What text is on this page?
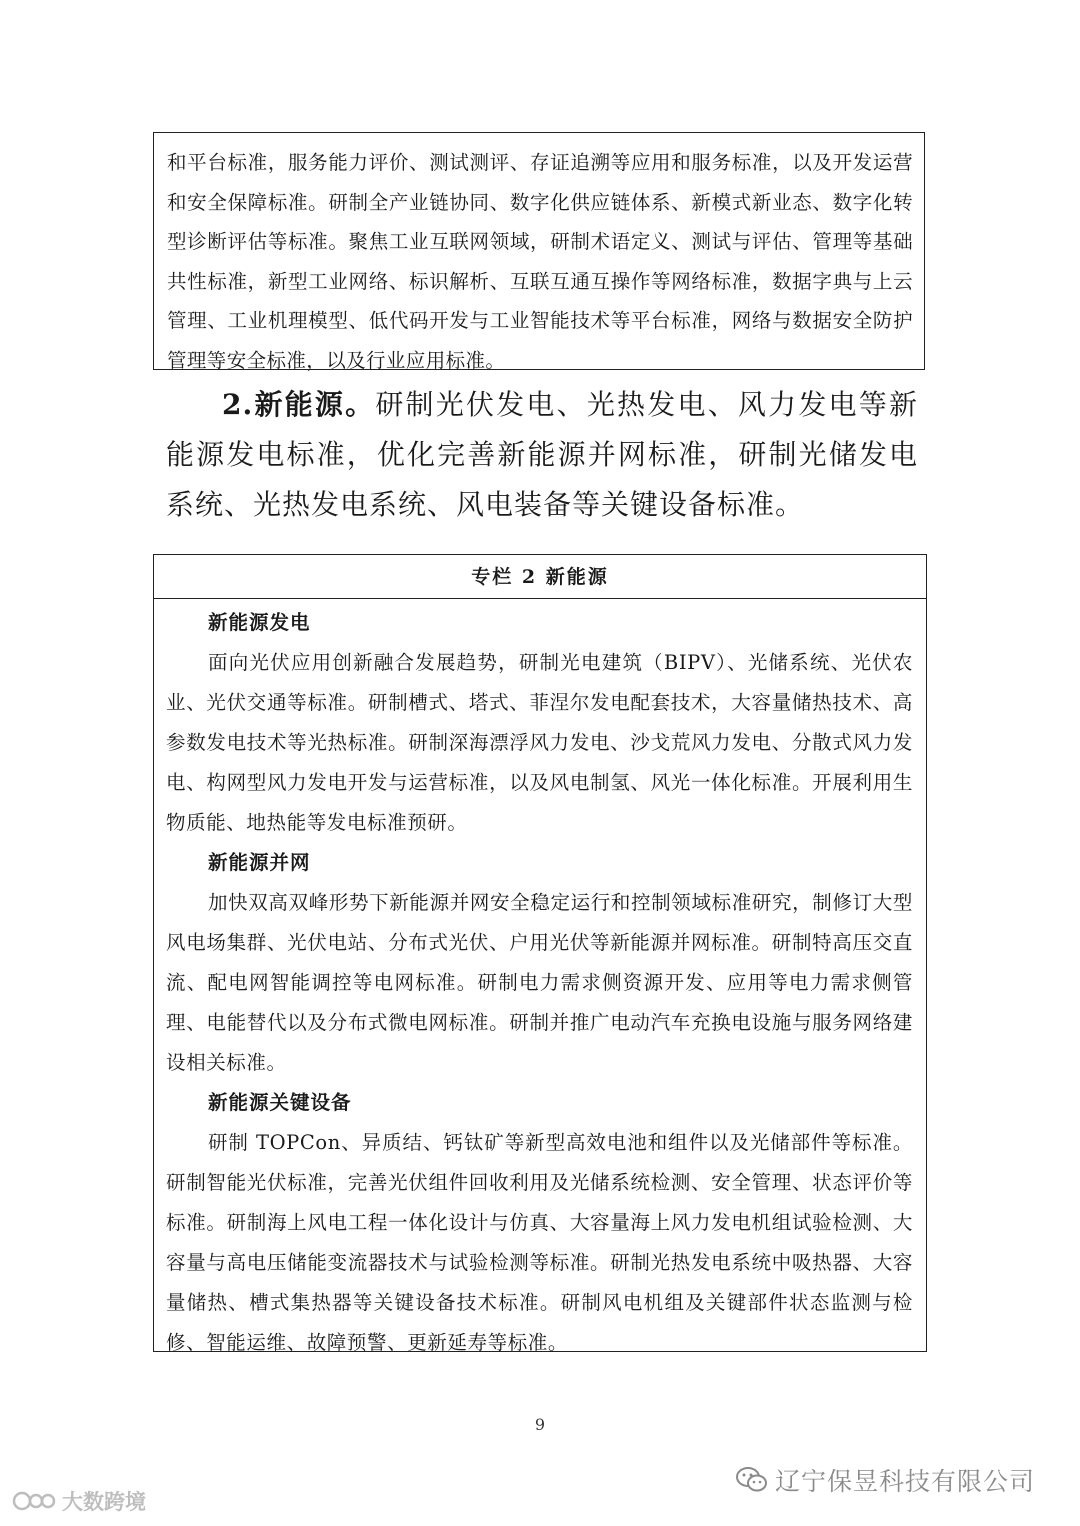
和平台标准，服务能力评价、测试测评、存证追溯等应用和服务标准，以及开发运营和安全保障标准。研制全产业链协同、数字化供应链体系、新模式新业态、数字化转型诊断评估等标准。聚焦工业互联网领域，研制术语定义、测试与评估、管理等基础共性标准，新型工业网络、标识解析、互联互通互操作等网络标准，数据字典与上云管理、工业机理模型、低代码开发与工业智能技术等平台标准，网络与数据安全防护管理等安全标准，以及行业应用标准。
2.新能源。研制光伏发电、光热发电、风力发电等新能源发电标准，优化完善新能源并网标准，研制光储发电系统、光热发电系统、风电装备等关键设备标准。
专栏 2 新能源
新能源发电

面向光伏应用创新融合发展趋势，研制光电建筑（BIPV）、光储系统、光伏农业、光伏交通等标准。研制槽式、塔式、菲涅尔发电配套技术，大容量储热技术、高参数发电技术等光热标准。研制深海漂浮风力发电、沙戈荒风力发电、分散式风力发电、构网型风力发电开发与运营标准，以及风电制氢、风光一体化标准。开展利用生物质能、地热能等发电标准预研。

新能源并网

加快双高双峰形势下新能源并网安全稳定运行和控制领域标准研究，制修订大型风电场集群、光伏电站、分布式光伏、户用光伏等新能源并网标准。研制特高压交直流、配电网智能调控等电网标准。研制电力需求侧资源开发、应用等电力需求侧管理、电能替代以及分布式微电网标准。研制并推广电动汽车充换电设施与服务网络建设相关标准。

新能源关键设备

研制 TOPCon、异质结、钙钛矿等新型高效电池和组件以及光储部件等标准。研制智能光伏标准，完善光伏组件回收利用及光储系统检测、安全管理、状态评价等标准。研制海上风电工程一体化设计与仿真、大容量海上风力发电机组试验检测、大容量与高电压储能变流器技术与试验检测等标准。研制光热发电系统中吸热器、大容量储热、槽式集热器等关键设备技术标准。研制风电机组及关键部件状态监测与检修、智能运维、故障预警、更新延寿等标准。

9
大数跨境
辽宁保昱科技有限公司
